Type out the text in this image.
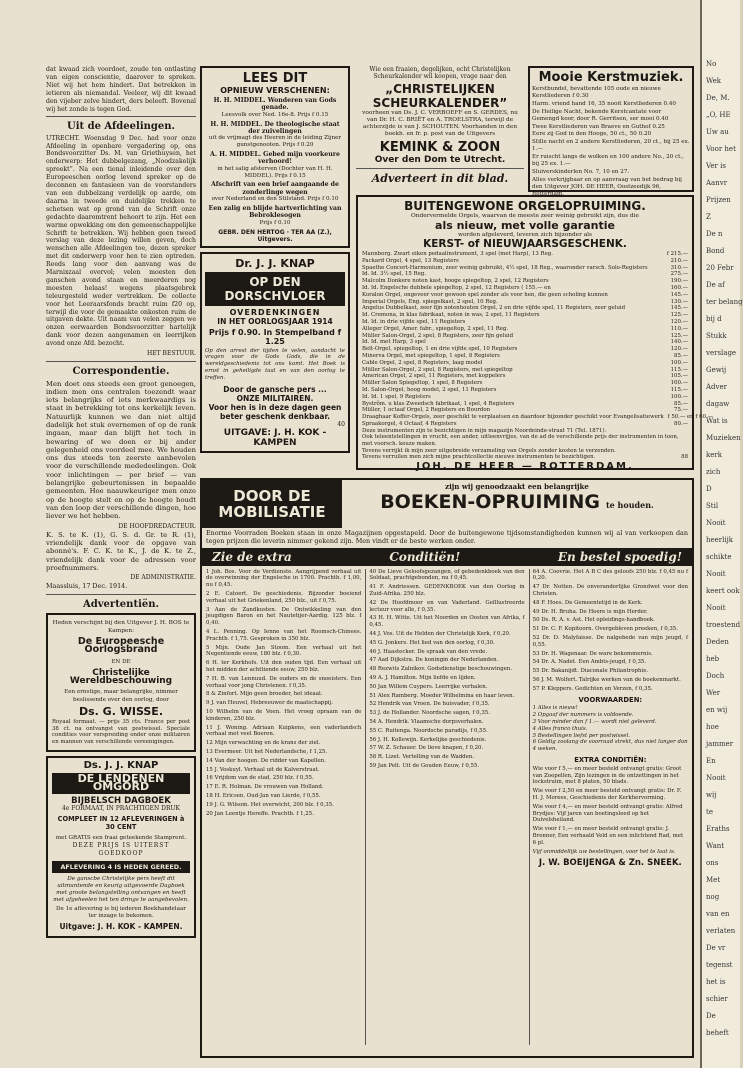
No
Wek
De, M.
„O, HE
Uw au
Voor het
Ver is
Aanvr
Prijzen
Z
De n
Bond
20 Febr
De af
ter belang
bij d
Stukk
verslage
Gewij
Adver
dagaw
Wat is
Muzieken
kerk
zich
D
Stil
Nooit
heerlijk
schikte
Nooit
keert ook
Nooit
troestend
Deden
heb
Doch
Wer
en wij
hoe
jammer
En
Nooit
wij
te
Eraths
Want
ons
Met
nog
van en
verlaten
De vr
tegenst
het is
schier
De
beheft

dat kwaad zich voordoet, zoude ten ontlasting van eigen conscientie, daarover te spreken. Niet wij het hem hindert. Dat betrekken in ietieren als niemandal. Veeleer, wij dit kwaad den vijeber zelve hindert, ders beleeft. Bovenal wij het zonde is tegen God.

Uit de Afdeelingen.

UTRECHT. Woensdag 9 Dec. had voor onze Afdeeling in openbare vergadering op, ons Bondsvoorzitter Ds. M. van Griethuysen, het onderwerp: Het dubbelgezang, „Noodzakelijk spreekt”. Na een tienal inleidende over den Europeeschen oorlog levend spreker op de deconnen en fantasieen van de voorstanders van een dubbelzang verdelijk op aarde, om daarna in tweede en duidelijke trekken te schetsen wat op grond van de Schrift onze gedachte daaromtrent behoort te zijn. Het een warme opwekking om den gemeenschappelijke Schrift te betrekken. Wij hebben geen tweed verslag van deze lezing willen geven, doch wenschen alle Afdeelingen toe, dezen spreker met dit onderwerp voor hen te zien optreden. Reeds lang voor den aanvang was de Marnixzaal overvol; velen moesten den ganschen avond staan en meerderen nog moesten helaas! wegens plaatsgebrek teleurgesteld weder vertrekken. De collecte voor het Leeraarsfonds bracht ruim f20 op, terwijl die voor de gemaakte onkosten ruim de uitgaven dekte. Uit naam van velen zeggen we onzen eerwaarden Bondsvoorzitter hartelijk dank voor dezen aangenamen en leerrijken avond onze Afd. bezocht.

HET BESTUUR.
Correspondentie.

Men doet ons steeds een groot genoegen, indien men ons centralen toezendt waar iets belangrijks of iets merkwaardigs is staat in betrekking tot ons kerkelijk leven. Natuurlijk kunnen we dan niet altijd dadelijk het stuk overnemen of op de rank ingaan, maar dan blijft het toch in bewaring of we doen er bij ander gelegenheid ons voordeel mee. We houden ons dus steeds ten zeerste aanbevolen voor de verschillende mededeelingen. Ook voor inlichtingen — per brief — van belangrijke gebeurtenissen in bepaalde gemeenten. Hoe naauwkeuriger men onze op de hoogte stelt en op de hoogte houdt van den loop der verschillende dingen, hoe liever we het hebben.

DE HOOFDREDACTEUR.

K. S. te K. (1), G. S. d. Gr. te R. (1), vriendelijk dank voor de opgave van abonné's. F. C. K. te K., J. de K. te Z., vriendelijk dank voor de adressen voor proefnummers.

DE ADMINISTRATIE.
Maassluis, 17 Dec. 1914.
Advertentiën.
Heden verschijnt bij den Uitgever J. H. BOS te Kampen:
De Europeesche Oorlogsbrand
EN DE
Christelijke Wereldbeschouwing
Een ernstige, maar belangrijke, nimmer beslissende over den oorlog, door
Ds. G. WISSE.
Royaal formaat. — prijs 35 cts. Franco per post 38 ct. na ontvangst van postwissel. Speciale condities voor verspreiding onder onze militairen en mannen van verschillende vereenigingen.
Ds. J. J. KNAP
DE LENDENEN OMGORD
BIJBELSCH DAGBOEK
4e FORMAAT, IN PRACHTIGEN DRUK
COMPLEET IN 12 AFLEVERINGEN à 30 CENT
met GRATIS een fraai geteekende Stamprent.
DEZE PRIJS IS UITERST GOEDKOOP
AFLEVERING 4 IS HEDEN GEREED.
De ganscbe Christelijke pers heeft dit uitmuntende en keurig uitgevoerde Dagboek met groote belangstelling ontvangen en heeft met afgeheelen het ten drings te aangebevolen.
De 1e aflevering is bij iederen Boekhandelaar ter inzage te bekomen.
Uitgave: J. H. KOK - KAMPEN.
LEES DIT
OPNIEUW VERSCHENEN:
H. H. MIDDEL. Wonderen van Gods genade.
Leesvolk over Ned. 16e-8. Prijs f 0.15
H. H. MIDDEL. De theologische staat der zuivelingen
uit de vrijmagt des Heeren in de leiding Zijner gunstgenooten. Prijs f 0.20
A. H. MIDDEL. Gebed mijn voorkeure verhoord!
in het salig afsterven (Dochter van H. H. MIDDEL). Prijs f 0.15
Afschrift van een brief aangaande de zonderlinge wegen
over Nederland en den Stilstand. Prijs f 0.10
Een zalig en blijde hartverlichting van Bebroklesogen
Prijs f 0.10
GEBR. DEN HERTOG · TER AA (Z.), Uitgevers.
Dr. J. J. KNAP
OP DEN DORSCHVLOER
OVERDENKINGEN
IN HET OORLOGSJAAR 1914
Prijs f 0.90. In Stempelband f 1.25
Op den arrest der tijden te velen, aandacht te vragen voor de Gods Gods, die in de wereldgeschiedenis tot ons komt. Het Boek is ernst in geheiligde taal en van den oorlog te treffen.
Door de gansche pers ...
ONZE MILITAIREN.
Voor hen is in deze dagen geen beter geschenk denkbaar.
40
UITGAVE: J. H. KOK - KAMPEN
Wie een fraaien, degelijken, echt Christelijken Scheurkalender wil koopen, vrage naar den
„CHRISTELIJKEN
SCHEURKALENDER”
voorheen van Ds. J. C. VERBOEFF en S. GERDES, nu van Dr. H. C. BRIËT en A. TROELSTRA, terwijl de achterzijde is van J. SCHOUTEN. Voorhanden in den boekh. en fr. p. post van de Uitgevers
KEMINK & ZOON
Over den Dom te Utrecht.
Adverteert in dit blad.
Mooie Kerstmuziek.
Kerstbundel, bevattende 105 oude en nieuwe Kerstliederen f 0.30
Harm. vriend hand 16, 35 nooit Kerstliederen 0.40
De Heilige Nacht, bekende Kerstcantate voor Gemengd koor, door R. Gerritsen, ser mooi 0.40
Twee Kerstliederen van Braeve en Guthof 0.25
Eere zij God in den Hooge, 50 ct., 50 0.20
Stille nacht en 2 andere Kerstliederen, 20 ct., bij 25 ex. 1.—
Er ruischt langs de wolken en 100 andere No., 20 ct., bij 25 ex. 1.—
Sluiverskinderlen No. 7, 10 en 27.
Alles verkrijgbaar en op aanvraag van het bedrag bij den Uitgever JOH. DE HEER, Oostzeedijk 96, Rotterdam.
BUITENGEWONE ORGELOPRUIMING.
Ondervermelde Orgels, waarvan de meeste zeer weinig gebruikt zijn, dus die
als nieuw, met volle garantie
worden afgeleverd, leveren zich bijzonder als
KERST- of NIEUWJAARSGESCHENK.
Mannborg. Zwart eiken pedaalinstrument, 3 spel (met Harp), 13 Reg.	f 215.—
Packard Orgel, 4 spel, 13 Registers	210.—
Spaethe Concert-Harmonium, zeer weinig gebruikt, 4½ spel, 18 Reg., waaronder varsch. Solo-Registers	310.—
Id. Id. 3½ spel, 15 Reg.	275.—
Malcolm Donkere noten kast, hooge spiegeltop, 2 spel, 12 Registers	190.—
Id. Id. Engelsche dubbele spiegeltop, 2 spel, 12 Registers ( 155.— en	160.—
Koralon Orgel, ongeveer voor gewoon spel zonder als voor hen, die geen scholing kunnen	145.—
Imperial Orgels, Eng. spiegelkast, 2 spel, 10 Reg.	130.—
Angelus Dubbelkast, zeer fijn notenhouten Orgel, 2 en drie vijfde spel, 11 Registers, zeer geluid	145.—
Id. Cremona, in klas fabrikaat, noten in was, 2 spel, 11 Registers	125.—
Id. Id. in drie vijfde spel, 11 Registers	120.—
Alleger Orgel, Amer. fabr., spiegeltop, 2 spel, 11 Reg.	110.—
Müller Salon-Orgel, 2 spel, 8 Registers, zeer fijn geluid	125.—
Id. Id. met Harp, 3 spel	140.—
Belt-Orgel, spiegeltop, 1 en drie vijfde spel, 10 Registers	120.—
Minerva Orgel, met spiegeltop, 1 spel, 8 Registers	85.—
Cable Orgel, 2 spel, 8 Registers, laag model	100.—
Müller Salon-Orgel, 2 spel, 8 Registers, met spiegeltop	115.—
American Orgel, 2 spel, 11 Registers, met koppelers	105.—
Müller Salon Spiegeltop, 1 spel, 8 Registers	100.—
Id. Salon-Orgel, hoog model, 2 spel, 11 Registers	115.—
Id. Id. 1 spel, 9 Registers	100.—
Bystrõm. u klas Zweedsch fabrikaat, 1 spel, 4 Registers	85.—
Müller, 1 octaaf Orgel, 2 Registers en Bourdon	75.—
Draaghaar Koffer-Orgels, zeer geschikt te verplaatsen en daardoor bijzonder geschikt voor Evangelisatiewerk f 50.— en f 60.—
Spraakorgel, 4 Octaaf, 4 Registers	80.—
Deze instrumenten zijn te bezichtigen in mijn magazijn Noordeinde-straat 71 (Tel. 1871).
Ook teleentstellingen in vrucht, een ander, uitleenvrijjes, van de ad de verschillende prijs der instrumenten in toon, met voorsch. keuze maken.
Tevens verrijkt ik mijn zeer uitgebreide verzameling van Orgels zonder kosten te verzenden.
Tevens verruilen men zich mijne prachtcollectie nieuwe instrumenten te bezichtigen.	88
JOH. DE HEER — ROTTERDAM.
DOOR DE MOBILISATIE
zijn wij genoodzaakt een belangrijke
BOEKEN-OPRUIMING te houden.
Enorme Voorraden Boeken staan in onze Magazijnen opgestapeld. Door de buitengewone tijdsomstandigheden kunnen wij al van verkoopen dan tegen prijzen die ieverin nimmer gekend zijn. Men vindt er de beste werken onder.
Zie de extra	Conditiën!	En bestel spoedig!
1 Joh. Bos. Voor de Verdienste. Aangrijpend verhaal uit de overwinning der Engelsche in 1700. Prachtb. f 1,00, nu f 0,45.
2 E. Catoert. De geschiedenis. Bijzonder boeiend verhaal uit het Griekenland, 250 blz., uit f 0,75.
3 Aan de Zandkusten. De Ontwikkeling van den jeugdigen Baron en het Nautetijer-Aardig. 125 blz. f 0,40.
4 L. Penning. Op Ienne van het Roomsch-Chinees. Prachtb. f 1,75. Gesproken in 350 blz.
5 Mijn. Oude Jan Stoom. Een verhaal uit het Negentiende eeuw, 180 blz. f 0,30.
6 H. ter Kerkhofs. Uit den ouden tijd. Een verhaal uit het midden der achttiende eeuw, 250 blz.
7 H. B. van Lennuud. De ouders en de snoeisters. Een verhaal voor jong Christenen. f 0,35.
8 & Zinfort. Mijn geen broeder, het ideaal.
9 J. van Heuvel, Hebreeuwer de maatschappij.
10 Wilhelm van de Veen. Het vroeg opraam van de kinderen, 250 blz.
11 J. Woning. Adriaan Kuipkens, een vaderlandsch verhaal met veel Boeren.
12 Mijn verwachting en de krans der ziel.
13 Evermeer. Uit het Nederlandsche, f 1,25.
14 Van der hoogen. De ridder van Kapellen.
15 J. Voskuyl. Verhaal uit de Kalverstraat.
16 Vrijdom van de stad, 250 blz. f 0,55.
17 E. R. Holman. De vrouwen van Holland.
18 H. Ericsen. Oud-Jan van Lierde, f 0,55.
19 J. G. Wilsom. Het overwicht, 200 blz. f 0,35.
20 Jan Leentje Hereffe. Prachtb. f 1,25.
40 De Lieve Geloofsgezangen, of gebedenkboek van den Soldaat, prachtgebonden, nu f 0,45.
41 F. Andriessen. GEDENKBOEK van den Oorlog in Zuid-Afrika. 250 blz.
42 De Hoofdmoor en van Vaderland. Geïllustreerde lectuur voor alle, f 0,35.
43 H. H. Witte. Uit het Noorden en Oosten van Afrika, f 0,45.
44 J. Vos. Uit de Helden der Christelijk Kerk, f 0,20.
45 G. Jonkers. Het lied van den oorlog, f 0,30.
46 J. Haastecker. De spraak van den vrede.
47 Aad Dijkstra. De koningin der Nederlanden.
48 Rezwits Zalnikov. Godsdienstige beschouwingen.
49 A. J. Hamilton. Mijn liefde en lijden.
50 Jan Willem Cuypers. Leerrijke verhalen.
51 Alex Ramberg. Moeder Wilhelmina en haar leven.
52 Hendrik van Vroen. De huisvader, f 0,35.
53 J. de Hollander. Noordsche sagen, f 0,35.
54 A. Hendrik. Vlaamsche dorpsverhalen.
55 C. Ruitenga. Noordsche paradijs, f 0,55.
56 J. H. Kollewijn. Kerkelijke geschiedenis.
57 W. Z. Schauer. De lieve knapen, f 0,20.
58 R. Lizet. Vertelling van de Wadden.
59 Jan Pelt. Uit de Gouden Eeuw, f 0,55.
64 A. Coovrie. Het A B C des geloofs 250 blz. f 0,45 nu f 0,20.
47 Dr. Notten. De onveranderlijke Grondwet voor den Christen.
48 F. Hoes. De Gemeentetijd in de Kerk.
49 Dr. H. Bruha. De Heere is mijn Herder.
50 Ds. R. A. v. Ast. Het opleidings-handboek.
51 Dr. C. F. Kopitoorn. Overgebleven preeken, f 0,35.
52 Dr. D. Malyfaisse. De nalgebede van mijn jeugd, f 0,55.
53 Dr. H. Wagenaar. De ware bekommernis.
54 Dr. A. Nadet. Een Ambts-jeugd, f 0,35.
55 Dr. Bakanijdt. Diaconale Philantrophie.
56 J. M. Wolfert. Talrijke werken van de boekenmarkt.
57 P. Kleppers. Gedichten en Verzen, f 0,35.
VOORWAARDEN:
1 Alles is nieuw!
2 Opgaaf der nummers is voldoende.
3 Voor minder dan f 1.— wordt niet geleverd.
4 Alles franco thuis.
5 Bestellingen liefst per postwissel.
6 Geldig zoolang de voorraad strekt, dus niet langer dan 4 weken.
EXTRA CONDITIËN:
Wie voor f 5,— en meer besteld ontvangt gratis: Groot van Zoepellen, Zijn lezingen in de ontzettingen in het lockstruim, met 8 platen, 50 blads.
Wie voor f 2,50 en meer besteld ontvangt gratis: Dr. F. H. J. Morees, Geschiedenis der Kerkhervorming.
Wie voor f 4,— en meer besteld ontvangt gratis: Alfred Brydjes: Vijf jaren van boetingsleed op het Duivelsheiland.
Wie voor f 1,— en meer besteld ontvangt gratis: J. Brenner, Een verhaald Veld en een inlichtend Rad, met 6 pl.
Vijf onmiddellijk uw bestellingen, voor het te laat is.
J. W. BOEIJENGA & Zn. SNEEK.
